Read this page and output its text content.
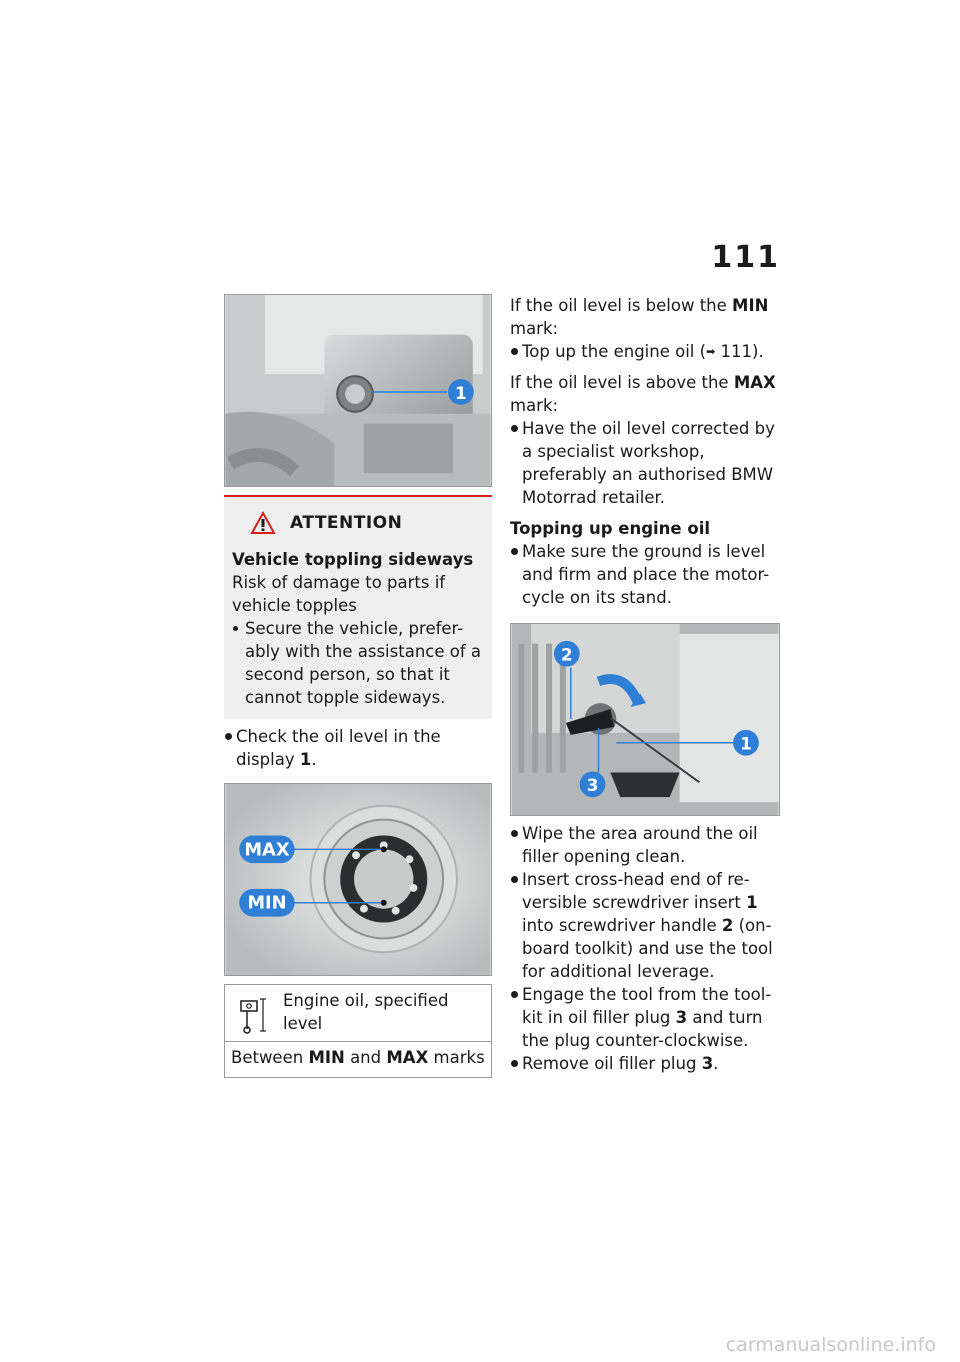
111
1
ATTENTION
Vehicle toppling sideways
Risk of damage to parts if vehicle topples
Secure the vehicle, prefer- ably with the assistance of a second person, so that it cannot topple sideways.
Check the oil level in the display 1.
MAX
MIN
Engine oil, specified level
Between MIN and MAX marks
If the oil level is below the MIN mark:
Top up the engine oil (➡ 111).
If the oil level is above the MAX mark:
Have the oil level corrected by a specialist workshop, preferably an authorised BMW Motorrad retailer.
Topping up engine oil
Make sure the ground is level and firm and place the motor- cycle on its stand.
2
1
3
Wipe the area around the oil filler opening clean.
Insert cross-head end of re- versible screwdriver insert 1 into screwdriver handle 2 (on- board toolkit) and use the tool for additional leverage.
Engage the tool from the tool- kit in oil filler plug 3 and turn the plug counter-clockwise.
Remove oil filler plug 3.
carmanualsonline.info
